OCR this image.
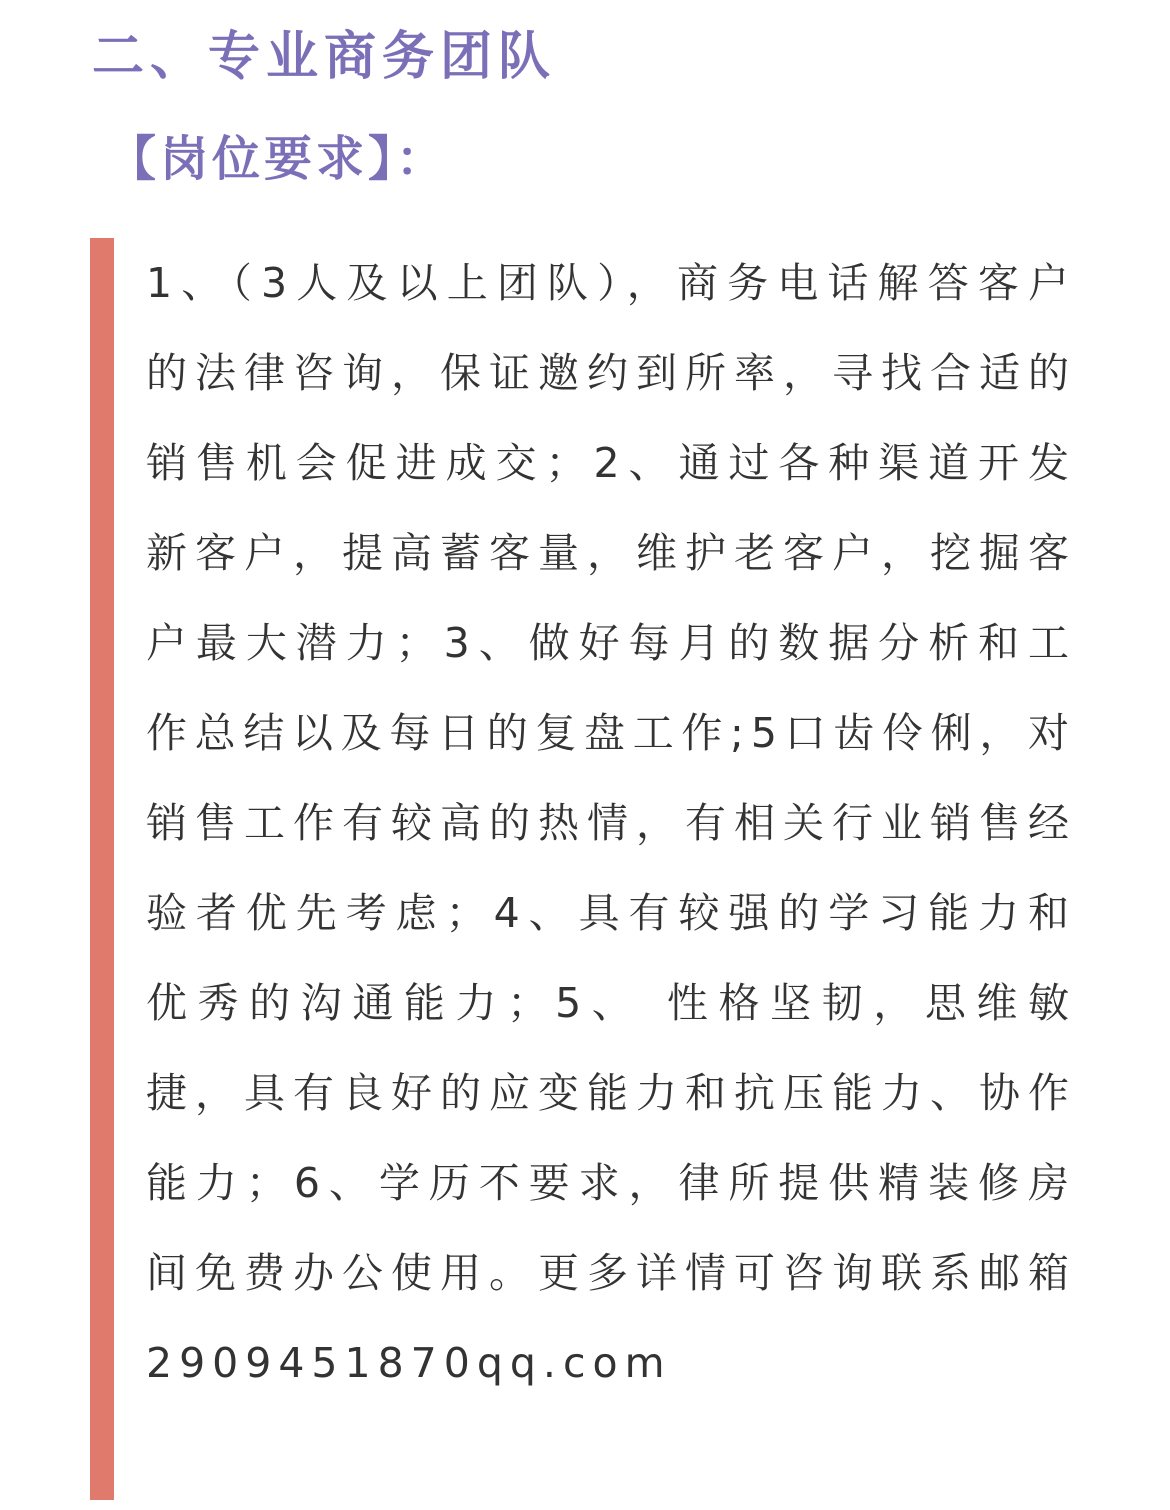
二、专业商务团队
【岗位要求】：

1、（3人及以上团队），商务电话解答客户的法律咨询，保证邀约到所率，寻找合适的销售机会促进成交；2、通过各种渠道开发新客户，提高蓄客量，维护老客户，挖掘客户最大潜力；3、做好每月的数据分析和工作总结以及每日的复盘工作;5口齿伶俐，对销售工作有较高的热情，有相关行业销售经验者优先考虑；4、具有较强的学习能力和优秀的沟通能力；5、 性格坚韧，思维敏捷，具有良好的应变能力和抗压能力、协作能力；6、学历不要求，律所提供精装修房间免费办公使用。更多详情可咨询联系邮箱 2909451870qq.com
